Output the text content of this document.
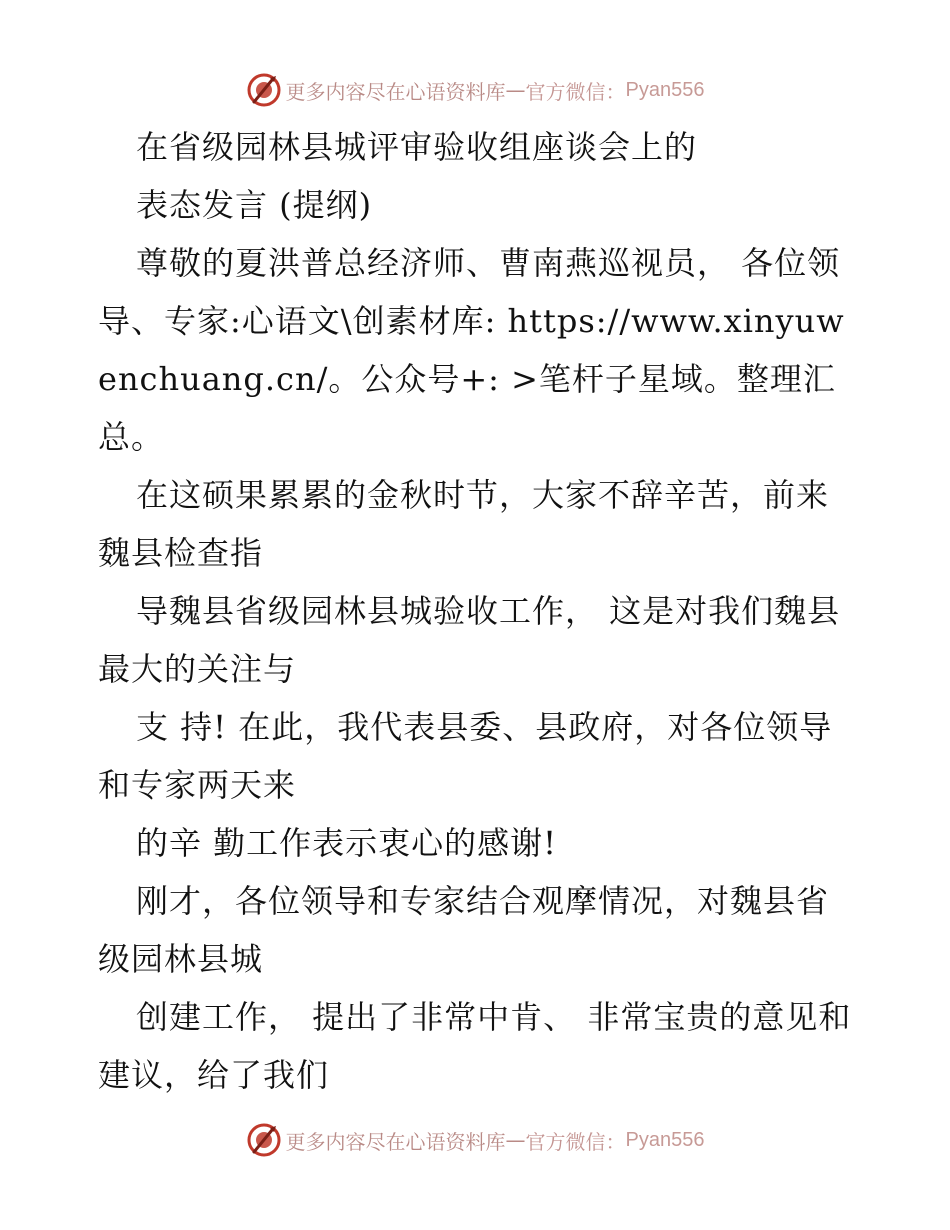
更多内容尽在心语资料库 — 官方微信： Pyan556

在省级园林县城评审验收组座谈会上的

表态发言 (提纲)

尊敬的夏洪普总经济师、曹南燕巡视员， 各位领导、专家:心语文\创素材库: https://www.xinyuwenchuang.cn/。公众号+: >笔杆子星域。整理汇总。

在这硕果累累的金秋时节，大家不辞辛苦，前来魏县检查指

导魏县省级园林县城验收工作， 这是对我们魏县最大的关注与

支 持! 在此，我代表县委、县政府，对各位领导和专家两天来

的辛 勤工作表示衷心的感谢!

刚才，各位领导和专家结合观摩情况，对魏县省级园林县城

创建工作， 提出了非常中肯、 非常宝贵的意见和建议，给了我们

更多内容尽在心语资料库 — 官方微信： Pyan556
